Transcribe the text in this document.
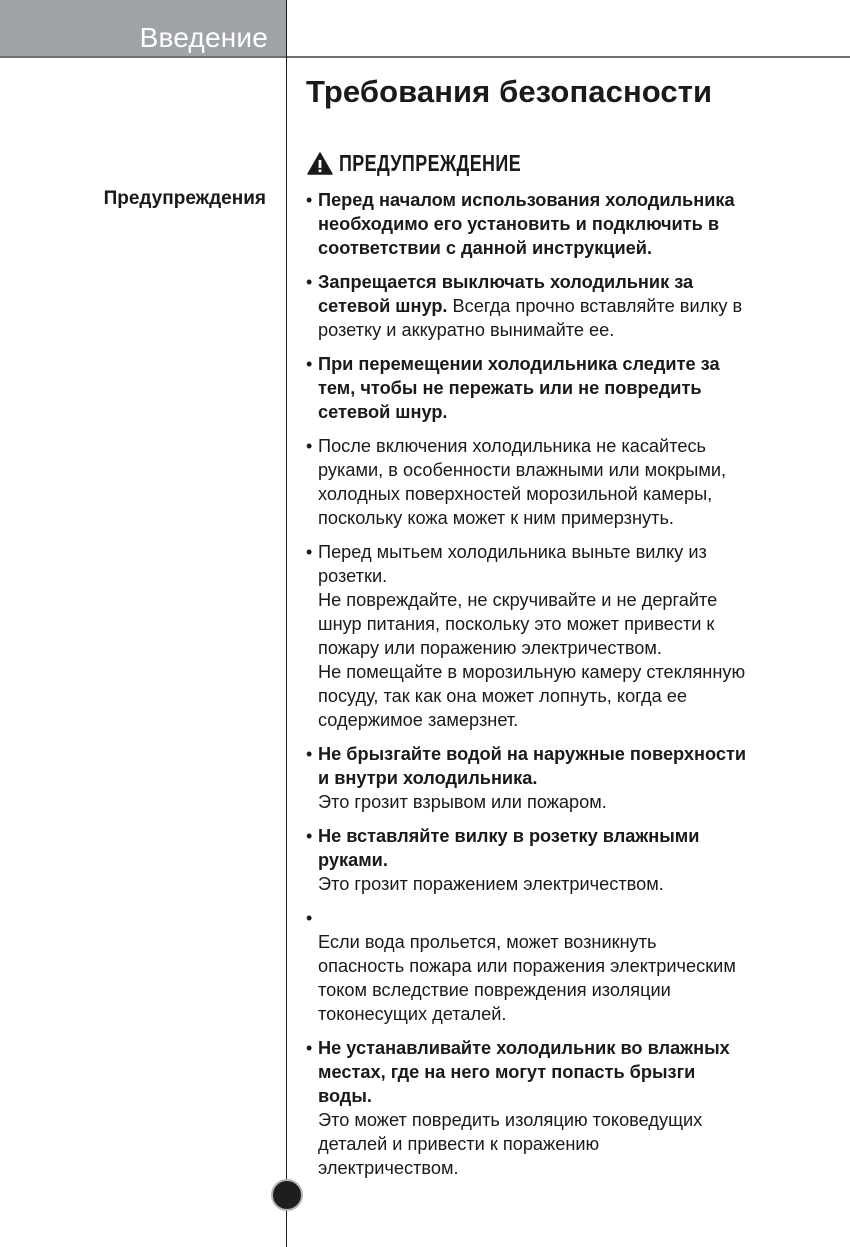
Введение
Требования безопасности
ПРЕДУПРЕЖДЕНИЕ
Предупреждения • Перед началом использования холодильника
необходимо его установить и подключить в
соответствии с данной инструкцией.
• Запрещается выключать холодильник за
сетевой шнур. Всегда прочно вставляйте вилку в
розетку и аккуратно вынимайте ее.
• При перемещении холодильника следите за
тем, чтобы не пережать или не повредить
сетевой шнур.
• После включения холодильника не касайтесь
руками, в особенности влажными или мокрыми,
холодных поверхностей морозильной камеры,
поскольку кожа может к ним примерзнуть.
• Перед мытьем холодильника выньте вилку из
розетки.
Не повреждайте, не скручивайте и не дергайте
шнур питания, поскольку это может привести к
пожару или поражению электричеством.
Не помещайте в морозильную камеру стеклянную
посуду, так как она может лопнуть, когда ее
содержимое замерзнет.
• Не брызгайте водой на наружные поверхности
и внутри холодильника.
Это грозит взрывом или пожаром.
• Не вставляйте вилку в розетку влажными
руками.
Это грозит поражением электричеством.
•
Если вода прольется, может возникнуть
опасность пожара или поражения электрическим
током вследствие повреждения изоляции
токонесущих деталей.
• Не устанавливайте холодильник во влажных
местах, где на него могут попасть брызги
воды.
Это может повредить изоляцию токоведущих
деталей и привести к поражению
электричеством.
